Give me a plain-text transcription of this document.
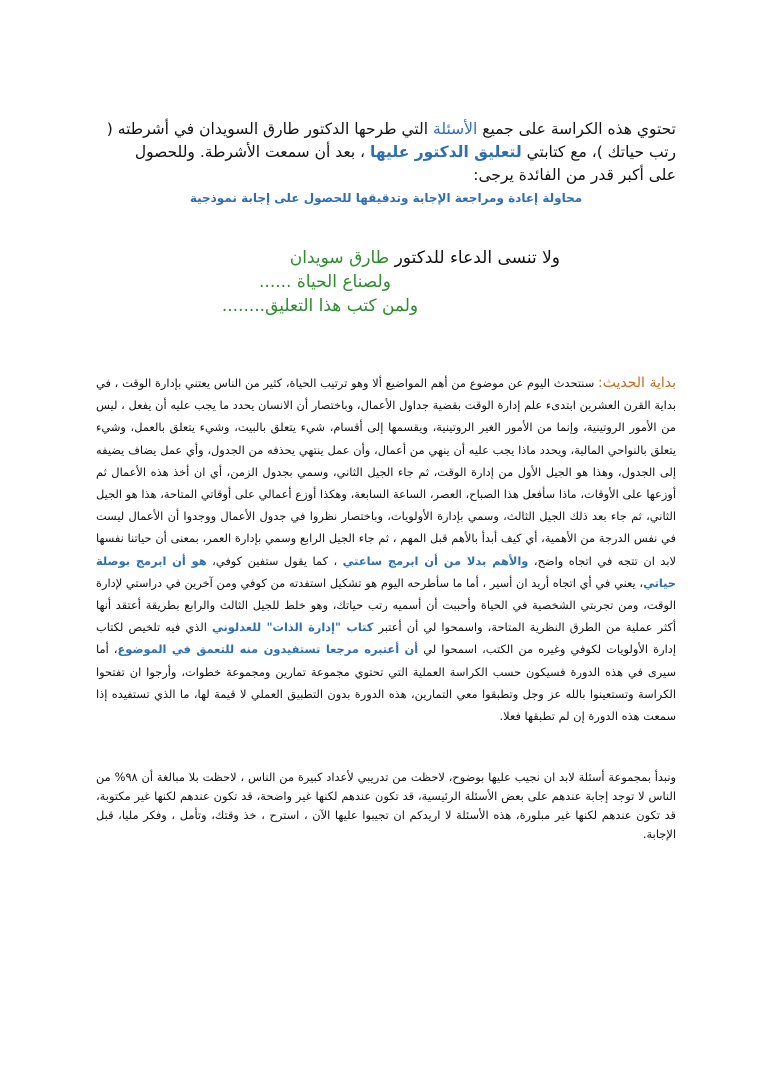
تحتوي هذه الكراسة على جميع الأسئلة التي طرحها الدكتور طارق السويدان في أشرطته (
رتب حياتك )، مع كتابتي لتعليق الدكتور عليها ، بعد أن سمعت الأشرطة. وللحصول
على أكبر قدر من الفائدة يرجى:
محاولة إعادة ومراجعة الإجابة وتدقيقها للحصول على إجابة نموذجية
ولا تنسى الدعاء للدكتور طارق سويدان
ولصناع الحياة ......
ولمن كتب هذا التعليق........
بداية الحديث: سنتحدث اليوم عن موضوع من أهم المواضيع ألا وهو ترتيب الحياة، كثير من الناس يعتني بإدارة الوقت ، في بداية القرن العشرين ابتدىء علم إدارة الوقت بقضية جداول الأعمال، وباختصار أن الانسان يحدد ما يجب عليه أن يفعل ، ليس من الأمور الروتينية، وإنما من الأمور الغير الروتينية، ويقسمها إلى أقسام، شيء يتعلق بالبيت، وشيء يتعلق بالعمل، وشيء يتعلق بالنواحي المالية، ويحدد ماذا يجب عليه أن ينهي من أعمال، وأن عمل ينتهي يحذفه من الجدول، وأي عمل يضاف يضيفه إلى الجدول، وهذا هو الجيل الأول من إدارة الوقت، ثم جاء الجيل الثاني، وسمي بجدول الزمن، أي ان أخذ هذه الأعمال ثم أوزعها على الأوقات، ماذا سأفعل هذا الصباح، العصر، الساعة السابعة، وهكذا أوزع أعمالي على أوقاتي المتاحة، هذا هو الجيل الثاني، ثم جاء بعد ذلك الجيل الثالث، وسمي بإدارة الأولويات، وباختصار نظروا في جدول الأعمال ووجدوا أن الأعمال ليست في نفس الدرجة من الأهمية، أي كيف أبدأ بالأهم قبل المهم ، ثم جاء الجيل الرابع وسمي بإدارة العمر، بمعنى أن حياتنا نفسها لابد ان تتجه في اتجاه واضح، والأهم بدلا من أن ابرمج ساعتي ، كما يقول ستفين كوفي، هو أن ابرمج بوصلة حياتي، يعني في أي اتجاه أريد ان أسير ، أما ما سأطرحه اليوم هو تشكيل استفدته من كوفي ومن آخرين في دراستي لإدارة الوقت، ومن تجربتي الشخصية في الحياة وأحببت أن أسميه رتب حياتك، وهو خلط للجيل الثالث والرابع بطريقة أعتقد أنها أكثر عملية من الطرق النظرية المتاحة، واسمحوا لي أن أعتبر كتاب "إدارة الذات" للعدلوني الذي فيه تلخيص لكتاب إدارة الأولويات لكوفي وغيره من الكتب، اسمحوا لي أن أعتبره مرجعا تستفيدون منه للتعمق في الموضوع، أما سيرى في هذه الدورة فسيكون حسب الكراسة العملية التي تحتوي مجموعة تمارين ومجموعة خطوات، وأرجوا ان تفتحوا الكراسة وتستعينوا بالله عز وجل وتطبقوا معي التمارين، هذه الدورة بدون التطبيق العملي لا قيمة لها، ما الذي تستفيده إذا سمعت هذه الدورة إن لم تطبقها فعلا.
ونبدأ بمجموعة أسئلة لابد ان نجيب عليها بوضوح، لاحظت من تدريبي لأعداد كبيرة من الناس ، لاحظت بلا مبالغة أن ٩٨% من الناس لا توجد إجابة عندهم على بعض الأسئلة الرئيسية، قد تكون عندهم لكنها غير واضحة، قد تكون عندهم لكنها غير مكتوبة، قد تكون عندهم لكنها غير مبلورة، هذه الأسئلة لا اريدكم ان تجيبوا عليها الآن ، استرح ، خذ وقتك، وتأمل ، وفكر مليا، قبل الإجابة.
